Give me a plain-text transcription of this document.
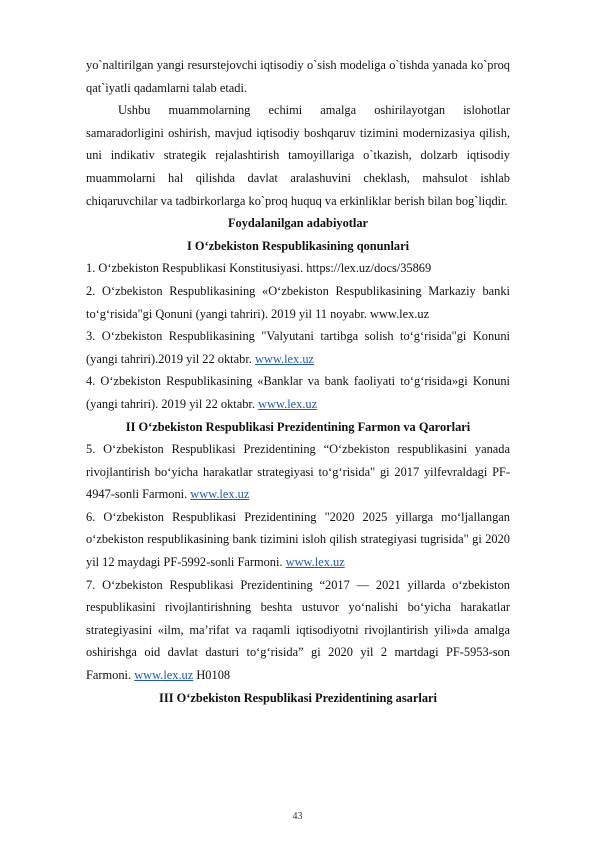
yo`naltirilgan yangi resurstejovchi iqtisodiy o`sish modeliga o`tishda yanada ko`proq qat`iyatli qadamlarni talab etadi.

Ushbu muammolarning echimi amalga oshirilayotgan islohotlar samaradorligini oshirish, mavjud iqtisodiy boshqaruv tizimini modernizasiya qilish, uni indikativ strategik rejalashtirish tamoyillariga o`tkazish, dolzarb iqtisodiy muammolarni hal qilishda davlat aralashuvini cheklash, mahsulot ishlab chiqaruvchilar va tadbirkorlarga ko`proq huquq va erkinliklar berish bilan bog`liqdir.

Foydalanilgan adabiyotlar
I O‘zbekiston Respublikasining qonunlari

1. O‘zbekiston Respublikasi Konstitusiyasi. https://lex.uz/docs/35869

2. O‘zbekiston Respublikasining «O‘zbekiston Respublikasining Markaziy banki to‘g‘risida"gi Qonuni (yangi tahriri). 2019 yil 11 noyabr. www.lex.uz

3. O‘zbekiston Respublikasining "Valyutani tartibga solish to‘g‘risida"gi Konuni (yangi tahriri).2019 yil 22 oktabr. www.lex.uz

4. O‘zbekiston Respublikasining «Banklar va bank faoliyati to‘g‘risida»gi Konuni (yangi tahriri). 2019 yil 22 oktabr. www.lex.uz

II O‘zbekiston Respublikasi Prezidentining Farmon va Qarorlari

5. O‘zbekiston Respublikasi Prezidentining “O‘zbekiston respublikasini yanada rivojlantirish bo‘yicha harakatlar strategiyasi to‘g‘risida" gi 2017 yilfevraldagi PF-4947-sonli Farmoni. www.lex.uz

6. O‘zbekiston Respublikasi Prezidentining "2020 2025 yillarga mo‘ljallangan o‘zbekiston respublikasining bank tizimini isloh qilish strategiyasi tugrisida" gi 2020 yil 12 maydagi PF-5992-sonli Farmoni. www.lex.uz

7. O‘zbekiston Respublikasi Prezidentining “2017 — 2021 yillarda o‘zbekiston respublikasini rivojlantirishning beshta ustuvor yo‘nalishi bo‘yicha harakatlar strategiyasini «ilm, ma’rifat va raqamli iqtisodiyotni rivojlantirish yili»da amalga oshirishga oid davlat dasturi to‘g‘risida” gi 2020 yil 2 martdagi PF-5953-son Farmoni. www.lex.uz H0108

III O‘zbekiston Respublikasi Prezidentining asarlari
43
